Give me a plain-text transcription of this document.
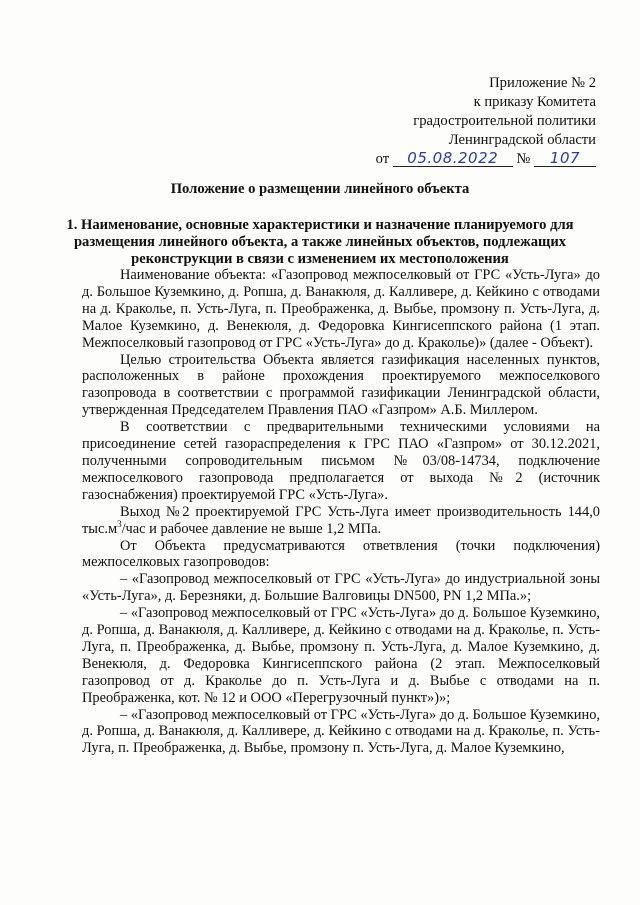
Приложение № 2
к приказу Комитета
градостроительной политики
Ленинградской области
от 05.08.2022 № 107
Положение о размещении линейного объекта
1. Наименование, основные характеристики и назначение планируемого для размещения линейного объекта, а также линейных объектов, подлежащих реконструкции в связи с изменением их местоположения

Наименование объекта: «Газопровод межпоселковый от ГРС «Усть-Луга» до д. Большое Куземкино, д. Ропша, д. Ванакюля, д. Калливере, д. Кейкино с отводами на д. Краколье, п. Усть-Луга, п. Преображенка, д. Выбье, промзону п. Усть-Луга, д. Малое Куземкино, д. Венекюля, д. Федоровка Кингисеппского района (1 этап. Межпоселковый газопровод от ГРС «Усть-Луга» до д. Краколье)» (далее - Объект).

Целью строительства Объекта является газификация населенных пунктов, расположенных в районе прохождения проектируемого межпоселкового газопровода в соответствии с программой газификации Ленинградской области, утвержденная Председателем Правления ПАО «Газпром» А.Б. Миллером.

В соответствии с предварительными техническими условиями на присоединение сетей газораспределения к ГРС ПАО «Газпром» от 30.12.2021, полученными сопроводительным письмом №03/08-14734, подключение межпоселкового газопровода предполагается от выхода №2 (источник газоснабжения) проектируемой ГРС «Усть-Луга».

Выход №2 проектируемой ГРС Усть-Луга имеет производительность 144,0 $тыс.м^3$/час и рабочее давление не выше 1,2 МПа.

От Объекта предусматриваются ответвления (точки подключения) межпоселковых газопроводов:

– «Газопровод межпоселковый от ГРС «Усть-Луга» до индустриальной зоны «Усть-Луга», д. Березняки, д. Большие Валговицы DN500, PN 1,2 МПа.»;

– «Газопровод межпоселковый от ГРС «Усть-Луга» до д. Большое Куземкино, д. Ропша, д. Ванакюля, д. Калливере, д. Кейкино с отводами на д. Краколье, п. Усть-Луга, п. Преображенка, д. Выбье, промзону п. Усть-Луга, д. Малое Куземкино, д. Венекюля, д. Федоровка Кингисеппского района (2 этап. Межпоселковый газопровод от д. Краколье до п. Усть-Луга и д. Выбье с отводами на п. Преображенка, кот. № 12 и ООО «Перегрузочный пункт»)»;

– «Газопровод межпоселковый от ГРС «Усть-Луга» до д. Большое Куземкино, д. Ропша, д. Ванакюля, д. Калливере, д. Кейкино с отводами на д. Краколье, п. Усть-Луга, п. Преображенка, д. Выбье, промзону п. Усть-Луга, д. Малое Куземкино,
